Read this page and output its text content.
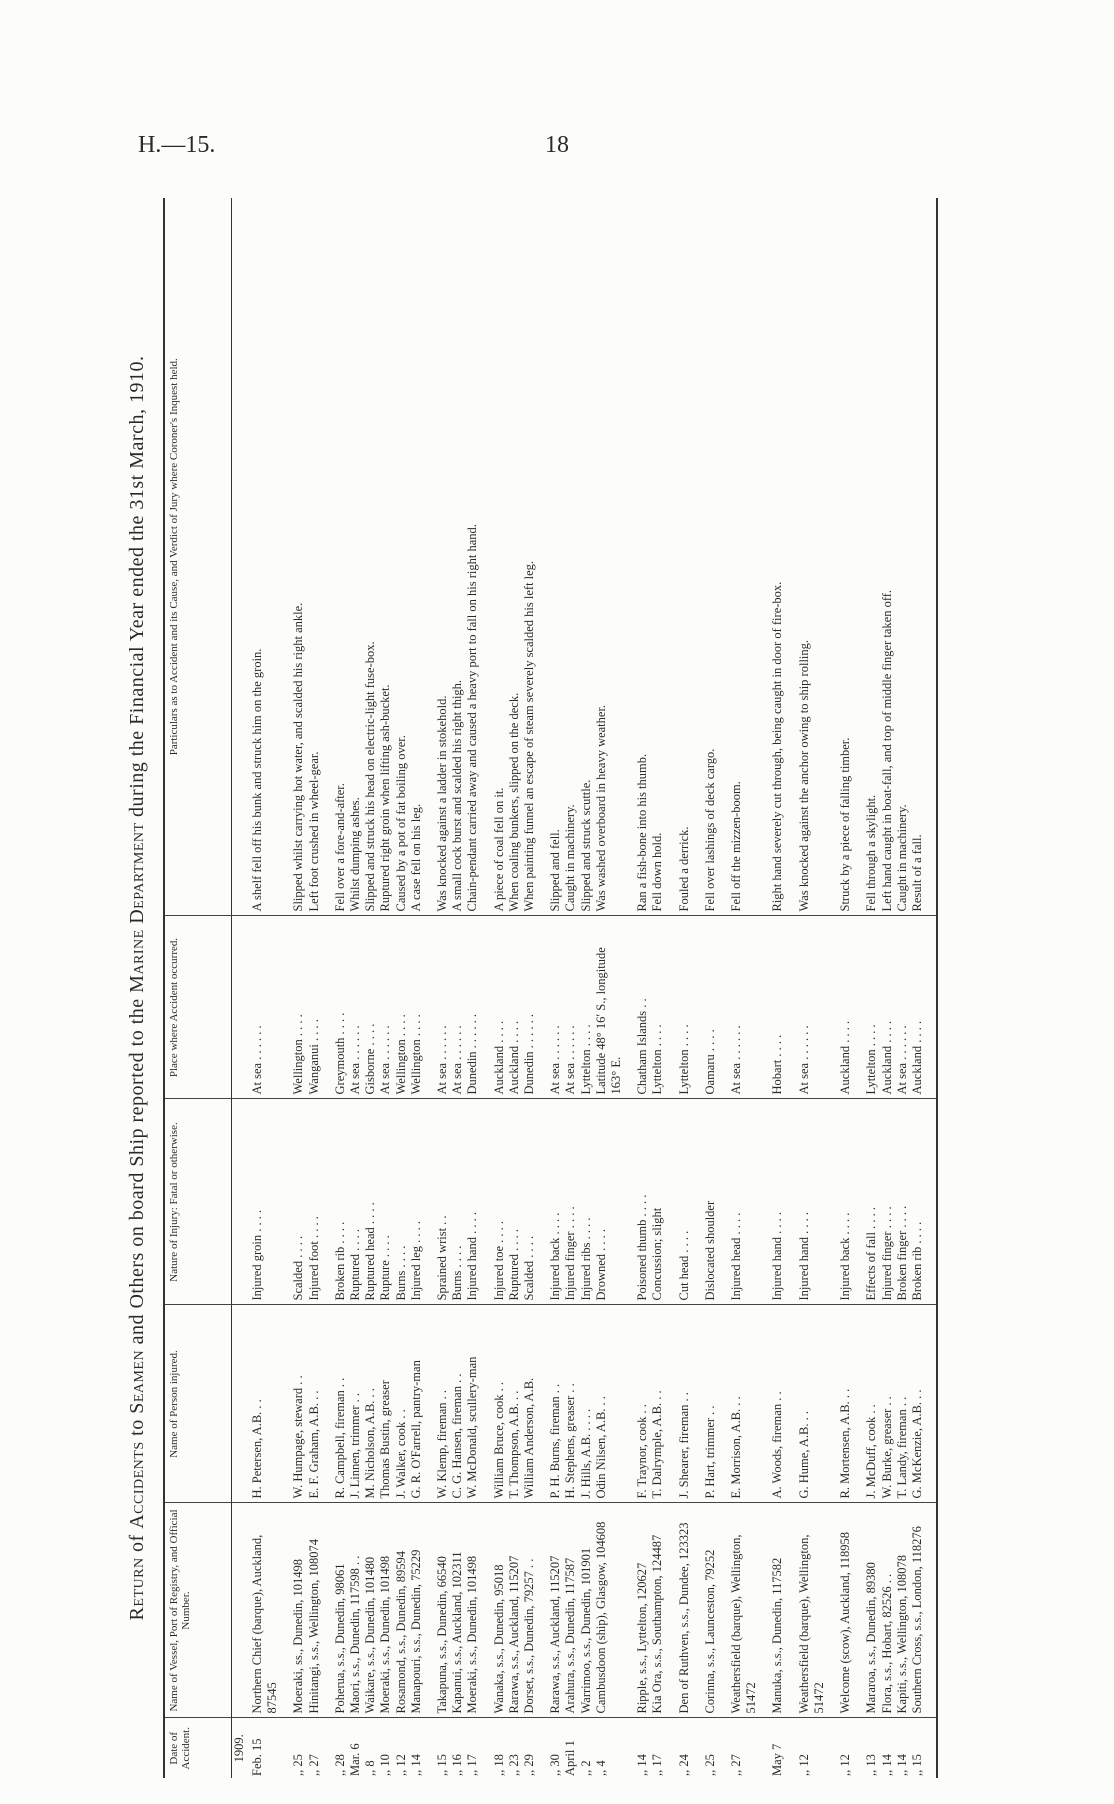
H.—15.	18
Return of Accidents to Seamen and Others on board Ship reported to the Marine Department during the Financial Year ended the 31st March, 1910.
Date of Accident.	Name of Vessel, Port of Registry, and Official Number.	Name of Person injured.	Nature of Injury: Fatal or otherwise.	Place where Accident occurred.	Particulars as to Accident and its Cause, and Verdict of Jury where Coroner's Inquest held.
1909.					
Feb. 15	Northern Chief (barque), Auckland, 87545	H. Petersen, A.B. . .	Injured groin . . . .	At sea . . . . . .	A shelf fell off his bunk and struck him on the groin.

,, 25	Moeraki, ss., Dunedin, 101498	W. Humpage, steward . .	Scalded . . . .	Wellington . . . .	Slipped whilst carrying hot water, and scalded his right ankle.
,, 27	Hinitangi, s.s., Wellington, 108074	E. F. Graham, A.B. . .	Injured foot . . . .	Wanganui . . . .	Left foot crushed in wheel-gear.

,, 28	Poherua, s.s., Dunedin, 98061	R. Campbell, fireman . .	Broken rib . . . .	Greymouth . . . .	Fell over a fore-and-after.
Mar. 6	Maori, s.s., Dunedin, 117598 . .	J. Linnen, trimmer . .	Ruptured . . . .	At sea . . . . . .	Whilst dumping ashes.
,, 8	Waikare, s.s., Dunedin, 101480	M. Nicholson, A.B. . .	Ruptured head . . . .	Gisborne . . . .	Slipped and struck his head on electric-light fuse-box.
,, 10	Moeraki, s.s., Dunedin, 101498	Thomas Bustin, greaser	Rupture . . . .	At sea . . . . . .	Ruptured right groin when lifting ash-bucket.
,, 12	Rosamond, s.s., Dunedin, 89594	J. Walker, cook . .	Burns . . . .	Wellington . . . .	Caused by a pot of fat boiling over.
,, 14	Manapouri, s.s., Dunedin, 75229	G. R. O'Farrell, pantry-man	Injured leg . . . .	Wellington . . . .	A case fell on his leg.

,, 15	Takapuna, s.s., Dunedin, 66540	W. Klemp, fireman . .	Sprained wrist . .	At sea . . . . . .	Was knocked against a ladder in stokehold.
,, 16	Kapanui, s.s., Auckland, 102311	C. G. Hansen, fireman . .	Burns . . . .	At sea . . . . . .	A small cock burst and scalded his right thigh.
,, 17	Moeraki, s.s., Dunedin, 101498	W. McDonald, scullery-man	Injured hand . . . .	Dunedin . . . . . .	Chain-pendant carried away and caused a heavy port to fall on his right hand.

,, 18	Wanaka, s.s., Dunedin, 95018	William Bruce, cook . .	Injured toe . . . .	Auckland . . . .	A piece of coal fell on it.
,, 23	Rarawa, s.s., Auckland, 115207	T. Thompson, A.B. . .	Ruptured . . . .	Auckland . . . .	When coaling bunkers, slipped on the deck.
,, 29	Dorset, s.s., Dunedin, 79257 . .	William Anderson, A.B.	Scalded . . . .	Dunedin . . . . . .	When painting funnel an escape of steam severely scalded his left leg.

,, 30	Rarawa, s.s., Auckland, 115207	P. H. Burns, fireman . .	Injured back . . . .	At sea . . . . . .	Slipped and fell.
April 1	Arahura, s.s., Dunedin, 117587	H. Stephens, greaser . .	Injured finger . . . .	At sea . . . . . .	Caught in machinery.
,, 2	Warrimoo, s.s., Dunedin, 101901	J. Hills, A.B. . . . .	Injured ribs . . . .	Lyttelton . . . .	Slipped and struck scuttle.
,, 4	Cambusdoon (ship), Glasgow, 104608	Odin Nilsen, A.B. . .	Drowned . . . .	Latitude 48° 16′ S., longitude 163° E.	Was washed overboard in heavy weather.

,, 14	Ripple, s.s., Lyttelton, 120627	F. Traynor, cook . .	Poisoned thumb . . . .	Chatham Islands . .	Ran a fish-bone into his thumb.
,, 17	Kia Ora, s.s., Southampton, 124487	T. Dalrymple, A.B. . .	Concussion; slight	Lyttelton . . . .	Fell down hold.

,, 24	Den of Ruthven, s.s., Dundee, 123323	J. Shearer, fireman . .	Cut head . . . .	Lyttelton . . . .	Fouled a derrick.

,, 25	Corinna, s.s., Launceston, 79252	P. Hart, trimmer . .	Dislocated shoulder	Oamaru . . . .	Fell over lashings of deck cargo.

,, 27	Weathersfield (barque), Wellington, 51472	E. Morrison, A.B. . .	Injured head . . . .	At sea . . . . . .	Fell off the mizzen-boom.

May 7	Manuka, s.s., Dunedin, 117582	A. Woods, fireman . .	Injured hand . . . .	Hobart . . . .	Right hand severely cut through, being caught in door of fire-box.

,, 12	Weathersfield (barque), Wellington, 51472	G. Hume, A.B. . .	Injured hand . . . .	At sea . . . . . .	Was knocked against the anchor owing to ship rolling.

,, 12	Welcome (scow), Auckland, 118958	R. Mortensen, A.B. . .	Injured back . . . .	Auckland . . . .	Struck by a piece of falling timber.

,, 13	Mararoa, s.s., Dunedin, 89380	J. McDuff, cook . .	Effects of fall . . . .	Lyttelton . . . .	Fell through a skylight.
,, 14	Flora, s.s., Hobart, 82526 . .	W. Burke, greaser . .	Injured finger . . . .	Auckland . . . .	Left hand caught in boat-fall, and top of middle finger taken off.
,, 14	Kapiti, s.s., Wellington, 108078	T. Landy, fireman . .	Broken finger . . . .	At sea . . . . . .	Caught in machinery.
,, 15	Southern Cross, s.s., London, 118276	G. McKenzie, A.B. . .	Broken rib . . . .	Auckland . . . .	Result of a fall.
